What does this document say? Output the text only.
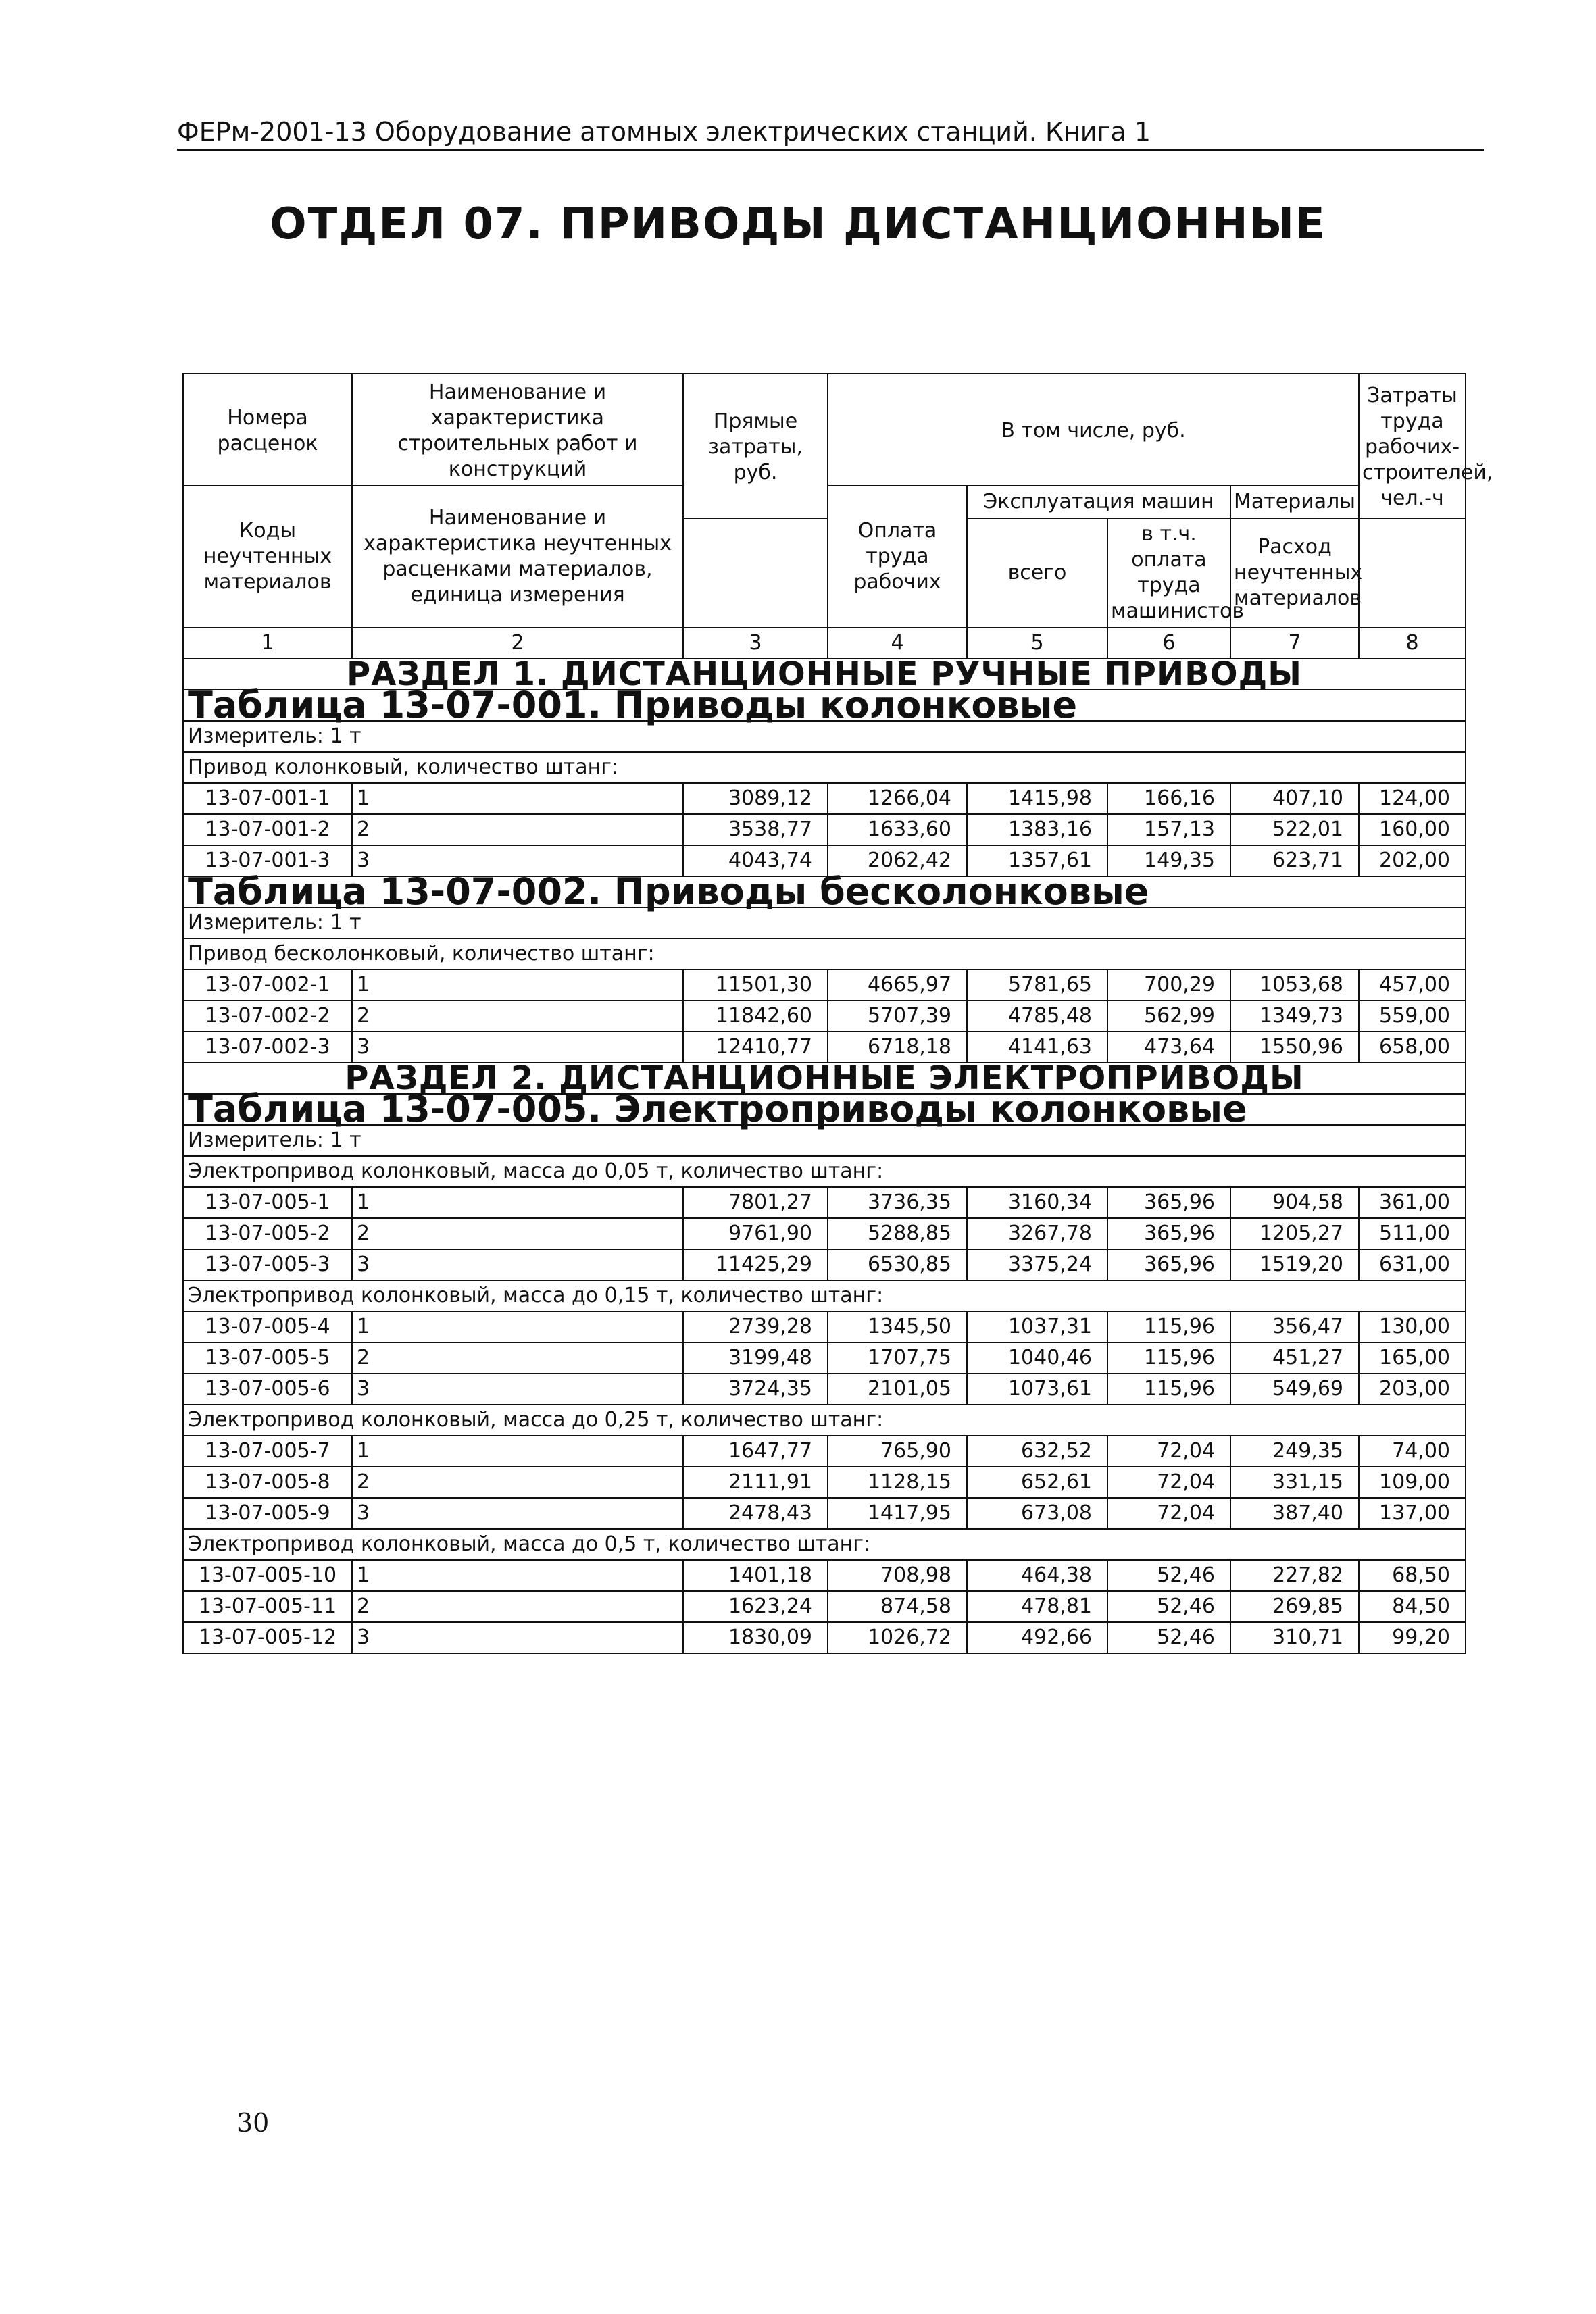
ФЕРм-2001-13 Оборудование атомных электрических станций. Книга 1
ОТДЕЛ 07. ПРИВОДЫ ДИСТАНЦИОННЫЕ
Номера расценок	Наименование и характеристика строительных работ и конструкций	Прямые затраты, руб.	В том числе, руб.				Затраты труда рабочих-строителей, чел.-ч
Коды неучтенных материалов	Наименование и характеристика неучтенных расценками материалов, единица измерения		Оплата труда рабочих	Эксплуатация машин		Материалы	
				всего	в т.ч. оплата труда машинистов	Расход неучтенных материалов	
1	2	3	4	5	6	7	8
РАЗДЕЛ 1. ДИСТАНЦИОННЫЕ РУЧНЫЕ ПРИВОДЫ							
Таблица 13-07-001. Приводы колонковые							
Измеритель: 1 т							
Привод колонковый, количество штанг:							
13-07-001-1	1	3089,12	1266,04	1415,98	166,16	407,10	124,00
13-07-001-2	2	3538,77	1633,60	1383,16	157,13	522,01	160,00
13-07-001-3	3	4043,74	2062,42	1357,61	149,35	623,71	202,00
Таблица 13-07-002. Приводы бесколонковые							
Измеритель: 1 т							
Привод бесколонковый, количество штанг:							
13-07-002-1	1	11501,30	4665,97	5781,65	700,29	1053,68	457,00
13-07-002-2	2	11842,60	5707,39	4785,48	562,99	1349,73	559,00
13-07-002-3	3	12410,77	6718,18	4141,63	473,64	1550,96	658,00
РАЗДЕЛ 2. ДИСТАНЦИОННЫЕ ЭЛЕКТРОПРИВОДЫ							
Таблица 13-07-005. Электроприводы колонковые							
Измеритель: 1 т							
Электропривод колонковый, масса до 0,05 т, количество штанг:							
13-07-005-1	1	7801,27	3736,35	3160,34	365,96	904,58	361,00
13-07-005-2	2	9761,90	5288,85	3267,78	365,96	1205,27	511,00
13-07-005-3	3	11425,29	6530,85	3375,24	365,96	1519,20	631,00
Электропривод колонковый, масса до 0,15 т, количество штанг:							
13-07-005-4	1	2739,28	1345,50	1037,31	115,96	356,47	130,00
13-07-005-5	2	3199,48	1707,75	1040,46	115,96	451,27	165,00
13-07-005-6	3	3724,35	2101,05	1073,61	115,96	549,69	203,00
Электропривод колонковый, масса до 0,25 т, количество штанг:							
13-07-005-7	1	1647,77	765,90	632,52	72,04	249,35	74,00
13-07-005-8	2	2111,91	1128,15	652,61	72,04	331,15	109,00
13-07-005-9	3	2478,43	1417,95	673,08	72,04	387,40	137,00
Электропривод колонковый, масса до 0,5 т, количество штанг:							
13-07-005-10	1	1401,18	708,98	464,38	52,46	227,82	68,50
13-07-005-11	2	1623,24	874,58	478,81	52,46	269,85	84,50
13-07-005-12	3	1830,09	1026,72	492,66	52,46	310,71	99,20
30
